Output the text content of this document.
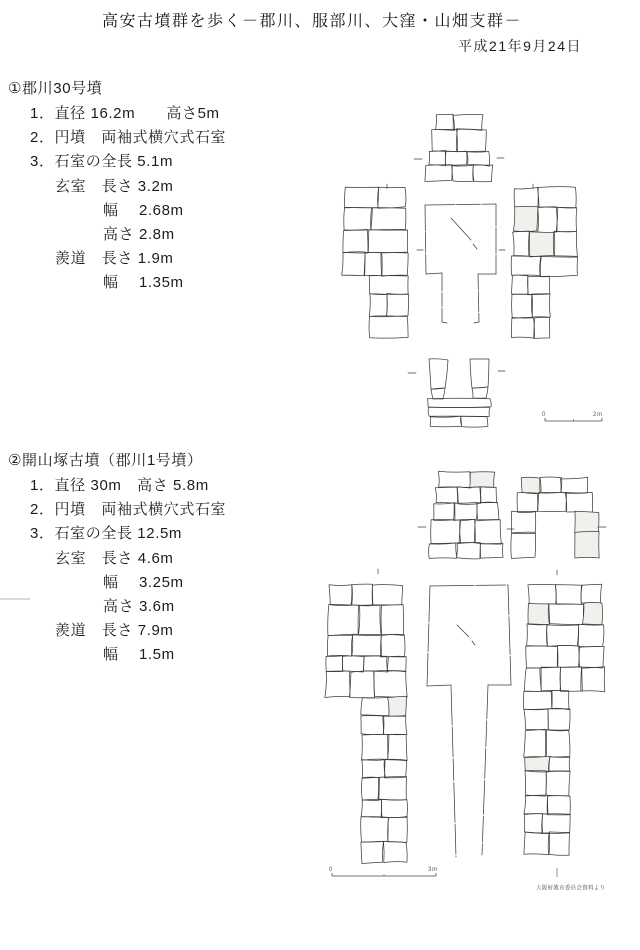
高安古墳群を歩く－郡川、服部川、大窪・山畑支群－
平成21年9月24日
①郡川30号墳
1．直径 16.2m　　高さ5m
2．円墳　両袖式横穴式石室
3．石室の全長 5.1m
玄室　長さ 3.2m
幅　 2.68m
高さ 2.8m
羨道　長さ 1.9m
幅　 1.35m
②開山塚古墳（郡川1号墳）
1．直径 30m　高さ 5.8m
2．円墳　両袖式横穴式石室
3．石室の全長 12.5m
玄室　長さ 4.6m
幅　 3.25m
高さ 3.6m
羨道　長さ 7.9m
幅　 1.5m
0	2m
0	3m
大阪府教育委員会資料より
